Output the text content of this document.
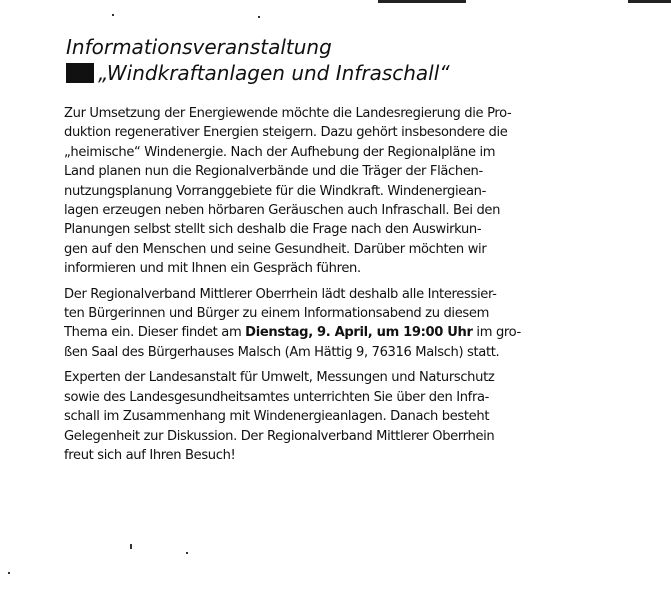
Informationsveranstaltung
„Windkraftanlagen und Infraschall“

Zur Umsetzung der Energiewende möchte die Landesregierung die Pro-
duktion regenerativer Energien steigern. Dazu gehört insbesondere die
„heimische“ Windenergie. Nach der Aufhebung der Regionalpläne im
Land planen nun die Regionalverbände und die Träger der Flächen-
nutzungsplanung Vorranggebiete für die Windkraft. Windenergiean-
lagen erzeugen neben hörbaren Geräuschen auch Infraschall. Bei den
Planungen selbst stellt sich deshalb die Frage nach den Auswirkun-
gen auf den Menschen und seine Gesundheit. Darüber möchten wir
informieren und mit Ihnen ein Gespräch führen.

Der Regionalverband Mittlerer Oberrhein lädt deshalb alle Interessier-
ten Bürgerinnen und Bürger zu einem Informationsabend zu diesem
Thema ein. Dieser findet am Dienstag, 9. April, um 19:00 Uhr im gro-
ßen Saal des Bürgerhauses Malsch (Am Hättig 9, 76316 Malsch) statt.

Experten der Landesanstalt für Umwelt, Messungen und Naturschutz
sowie des Landesgesundheitsamtes unterrichten Sie über den Infra-
schall im Zusammenhang mit Windenergieanlagen. Danach besteht
Gelegenheit zur Diskussion. Der Regionalverband Mittlerer Oberrhein
freut sich auf Ihren Besuch!
